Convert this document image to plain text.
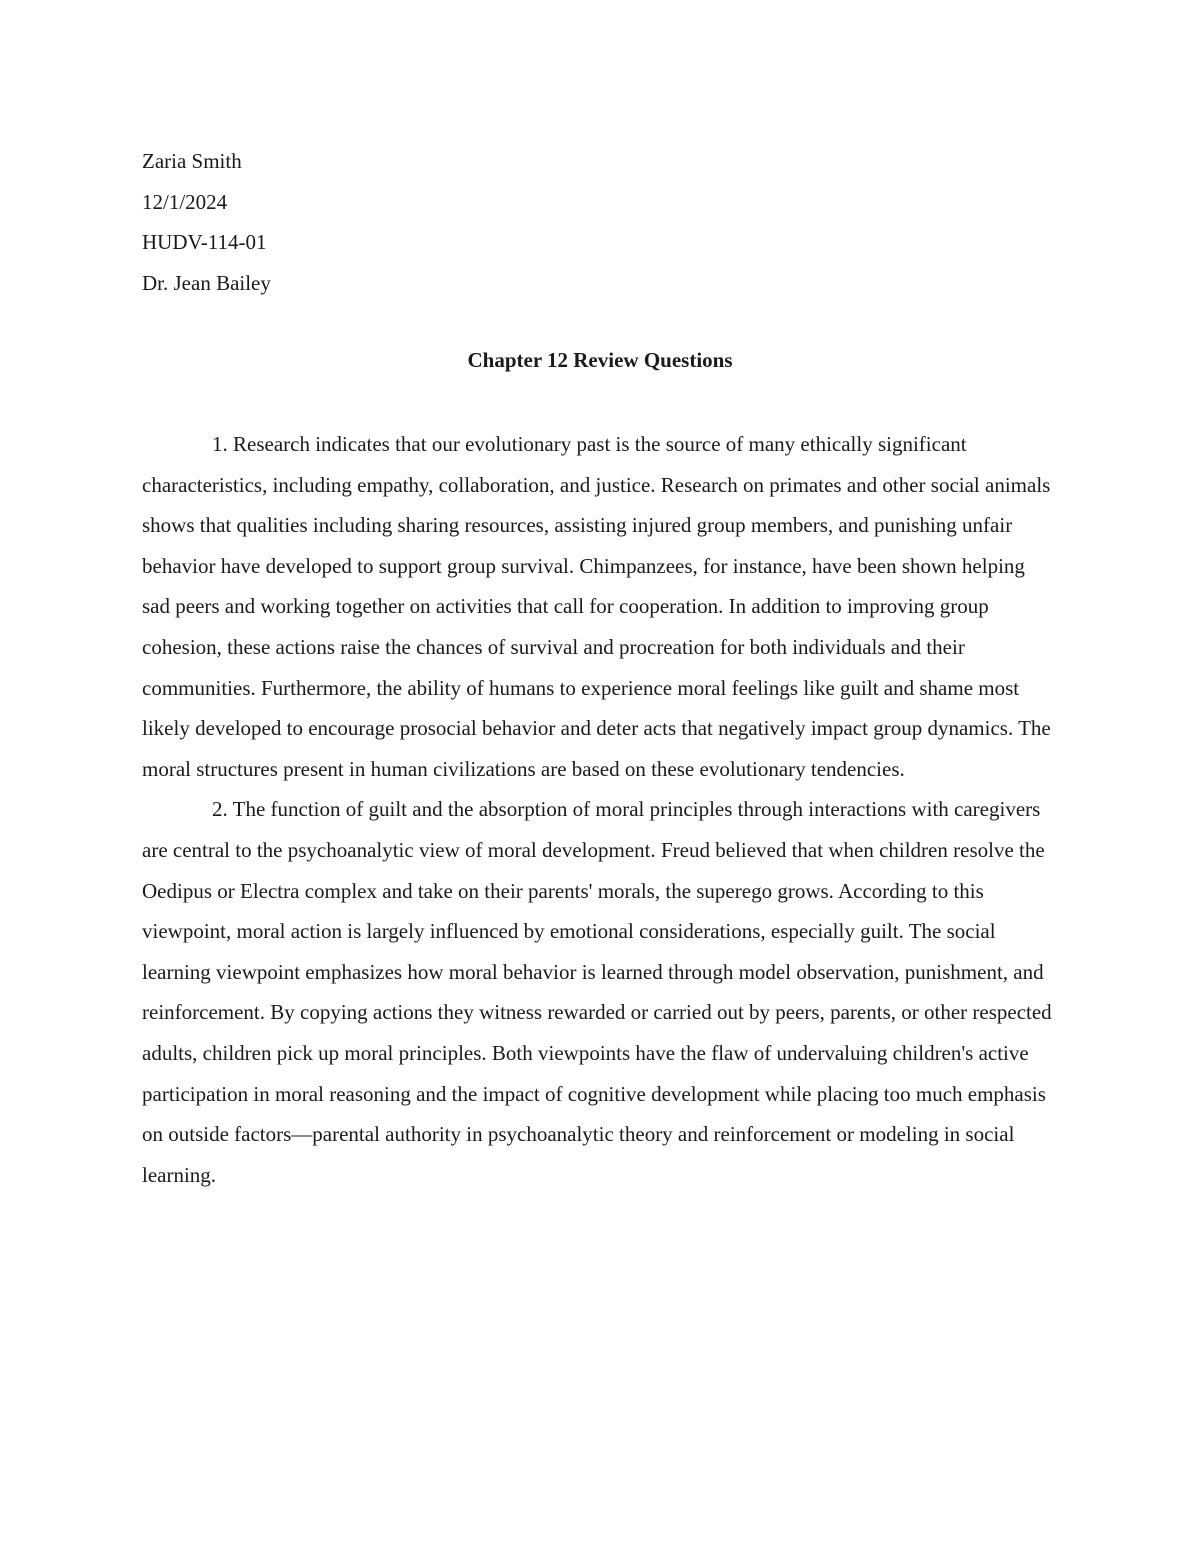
Zaria Smith
12/1/2024
HUDV-114-01
Dr. Jean Bailey
Chapter 12 Review Questions

1. Research indicates that our evolutionary past is the source of many ethically significant characteristics, including empathy, collaboration, and justice. Research on primates and other social animals shows that qualities including sharing resources, assisting injured group members, and punishing unfair behavior have developed to support group survival. Chimpanzees, for instance, have been shown helping sad peers and working together on activities that call for cooperation. In addition to improving group cohesion, these actions raise the chances of survival and procreation for both individuals and their communities. Furthermore, the ability of humans to experience moral feelings like guilt and shame most likely developed to encourage prosocial behavior and deter acts that negatively impact group dynamics. The moral structures present in human civilizations are based on these evolutionary tendencies.

2. The function of guilt and the absorption of moral principles through interactions with caregivers are central to the psychoanalytic view of moral development. Freud believed that when children resolve the Oedipus or Electra complex and take on their parents' morals, the superego grows. According to this viewpoint, moral action is largely influenced by emotional considerations, especially guilt. The social learning viewpoint emphasizes how moral behavior is learned through model observation, punishment, and reinforcement. By copying actions they witness rewarded or carried out by peers, parents, or other respected adults, children pick up moral principles. Both viewpoints have the flaw of undervaluing children's active participation in moral reasoning and the impact of cognitive development while placing too much emphasis on outside factors—parental authority in psychoanalytic theory and reinforcement or modeling in social learning.
